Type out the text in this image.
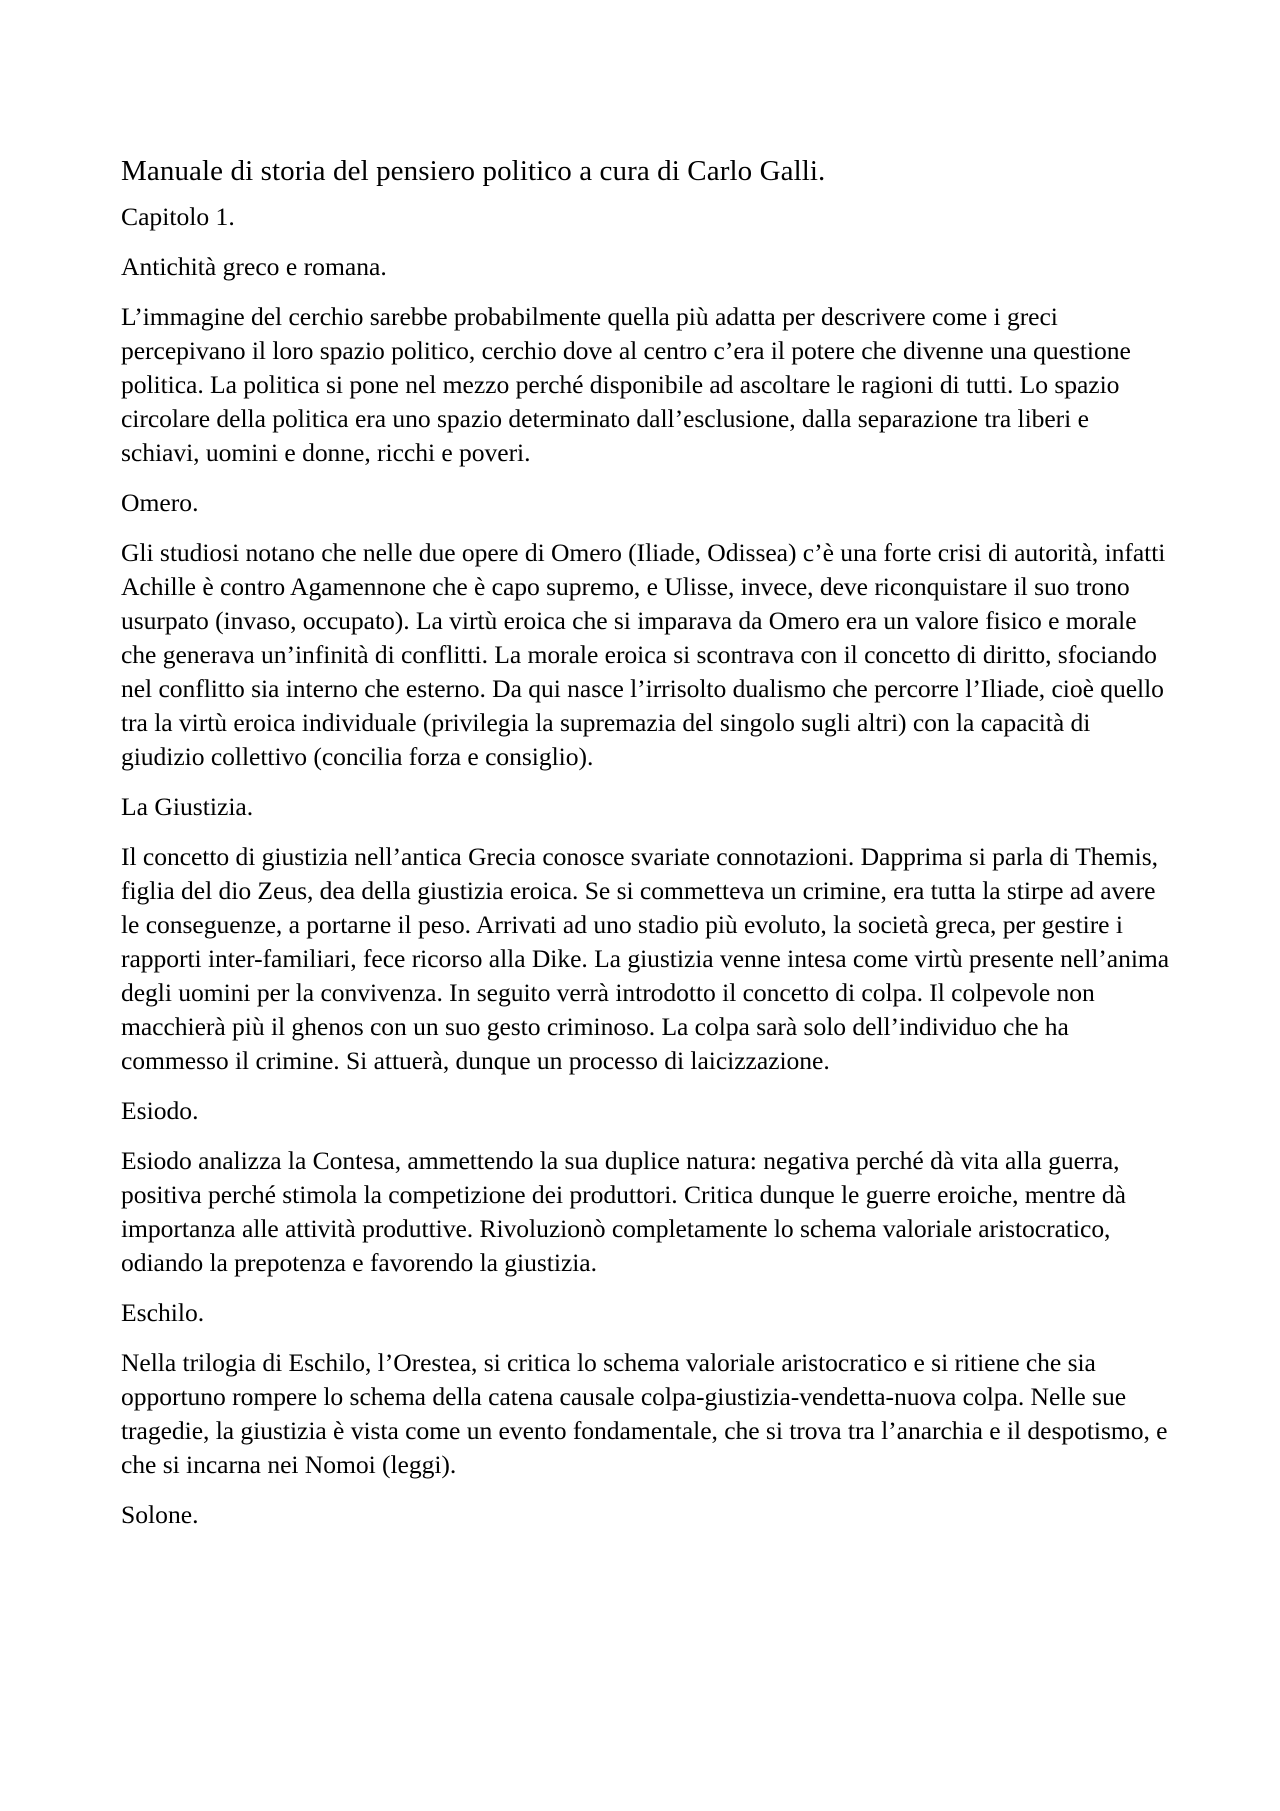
Manuale di storia del pensiero politico a cura di Carlo Galli.

Capitolo 1.

Antichità greco e romana.

L’immagine del cerchio sarebbe probabilmente quella più adatta per descrivere come i greci percepivano il loro spazio politico, cerchio dove al centro c’era il potere che divenne una questione politica. La politica si pone nel mezzo perché disponibile ad ascoltare le ragioni di tutti. Lo spazio circolare della politica era uno spazio determinato dall’esclusione, dalla separazione tra liberi e schiavi, uomini e donne, ricchi e poveri.

Omero.

Gli studiosi notano che nelle due opere di Omero (Iliade, Odissea) c’è una forte crisi di autorità, infatti Achille è contro Agamennone che è capo supremo, e Ulisse, invece, deve riconquistare il suo trono usurpato (invaso, occupato). La virtù eroica che si imparava da Omero era un valore fisico e morale che generava un’infinità di conflitti. La morale eroica si scontrava con il concetto di diritto, sfociando nel conflitto sia interno che esterno. Da qui nasce l’irrisolto dualismo che percorre l’Iliade, cioè quello tra la virtù eroica individuale (privilegia la supremazia del singolo sugli altri) con la capacità di giudizio collettivo (concilia forza e consiglio).

La Giustizia.

Il concetto di giustizia nell’antica Grecia conosce svariate connotazioni. Dapprima si parla di Themis, figlia del dio Zeus, dea della giustizia eroica. Se si commetteva un crimine, era tutta la stirpe ad avere le conseguenze, a portarne il peso. Arrivati ad uno stadio più evoluto, la società greca, per gestire i rapporti inter-familiari, fece ricorso alla Dike. La giustizia venne intesa come virtù presente nell’anima degli uomini per la convivenza. In seguito verrà introdotto il concetto di colpa. Il colpevole non macchierà più il ghenos con un suo gesto criminoso. La colpa sarà solo dell’individuo che ha commesso il crimine. Si attuerà, dunque un processo di laicizzazione.

Esiodo.

Esiodo analizza la Contesa, ammettendo la sua duplice natura: negativa perché dà vita alla guerra, positiva perché stimola la competizione dei produttori. Critica dunque le guerre eroiche, mentre dà importanza alle attività produttive. Rivoluzionò completamente lo schema valoriale aristocratico, odiando la prepotenza e favorendo la giustizia.

Eschilo.

Nella trilogia di Eschilo, l’Orestea, si critica lo schema valoriale aristocratico e si ritiene che sia opportuno rompere lo schema della catena causale colpa-giustizia-vendetta-nuova colpa. Nelle sue tragedie, la giustizia è vista come un evento fondamentale, che si trova tra l’anarchia e il despotismo, e che si incarna nei Nomoi (leggi).

Solone.
